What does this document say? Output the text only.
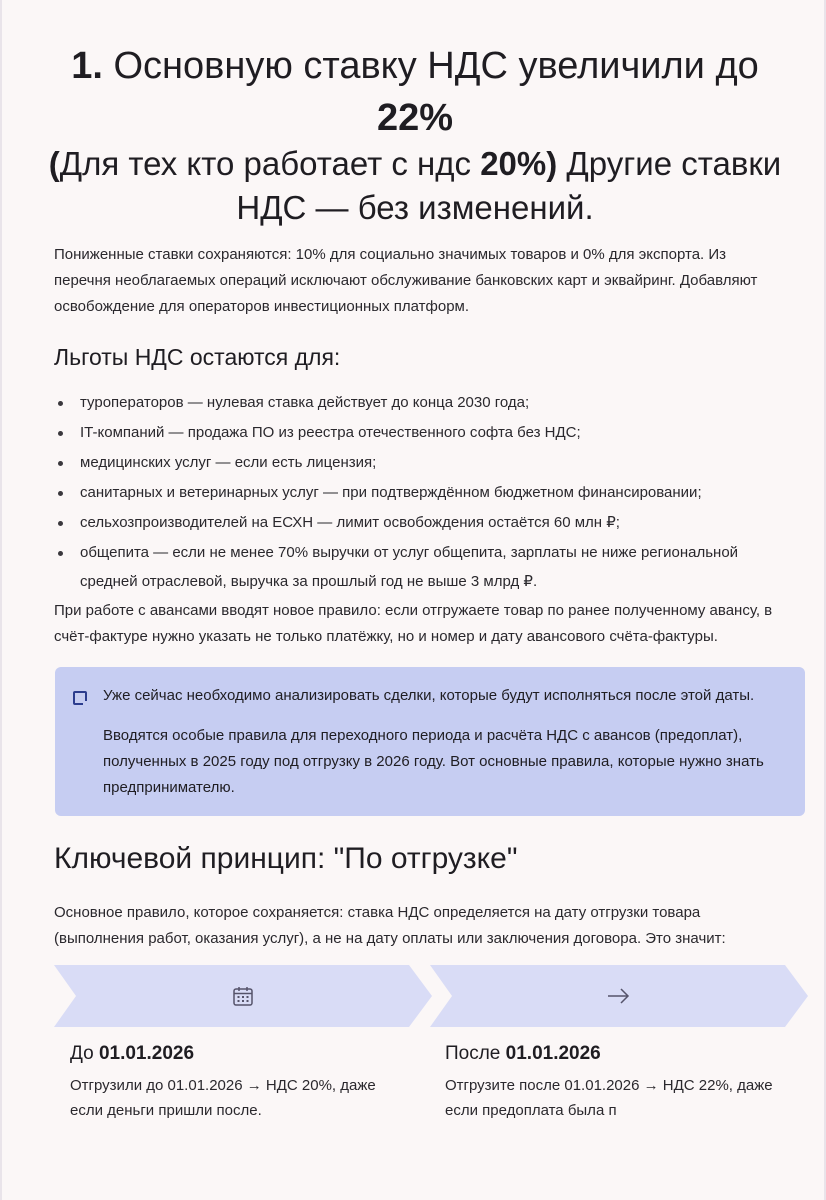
1. Основную ставку НДС увеличили до
22%
(Для тех кто работает с ндс 20%) Другие ставки НДС — без изменений.

Пониженные ставки сохраняются: 10% для социально значимых товаров и 0% для экспорта. Из перечня необлагаемых операций исключают обслуживание банковских карт и эквайринг. Добавляют освобождение для операторов инвестиционных платформ.

Льготы НДС остаются для:
туроператоров — нулевая ставка действует до конца 2030 года;
IT-компаний — продажа ПО из реестра отечественного софта без НДС;
медицинских услуг — если есть лицензия;
санитарных и ветеринарных услуг — при подтверждённом бюджетном финансировании;
сельхозпроизводителей на ЕСХН — лимит освобождения остаётся 60 млн ₽;
общепита — если не менее 70% выручки от услуг общепита, зарплаты не ниже региональной средней отраслевой, выручка за прошлый год не выше 3 млрд ₽.

При работе с авансами вводят новое правило: если отгружаете товар по ранее полученному авансу, в счёт-фактуре нужно указать не только платёжку, но и номер и дату авансового счёта-фактуры.

Уже сейчас необходимо анализировать сделки, которые будут исполняться после этой даты.

Вводятся особые правила для переходного периода и расчёта НДС с авансов (предоплат), полученных в 2025 году под отгрузку в 2026 году. Вот основные правила, которые нужно знать предпринимателю.

Ключевой принцип: "По отгрузке"

Основное правило, которое сохраняется: ставка НДС определяется на дату отгрузки товара (выполнения работ, оказания услуг), а не на дату оплаты или заключения договора. Это значит:

До 01.01.2026

Отгрузили до 01.01.2026 → НДС 20%, даже если деньги пришли после.

После 01.01.2026

Отгрузите после 01.01.2026 → НДС 22%, даже если предоплата была п
